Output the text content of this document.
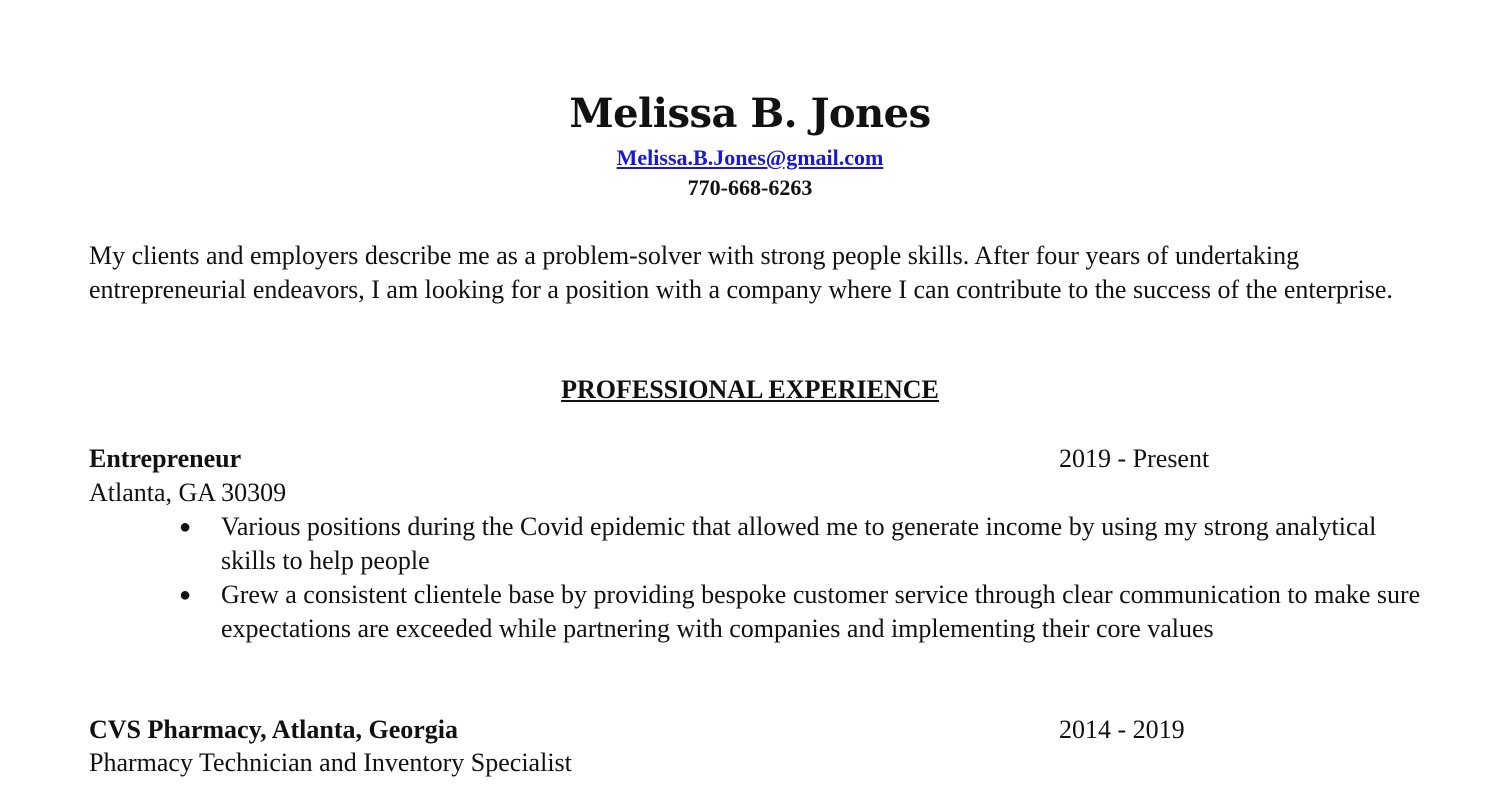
Melissa B. Jones
Melissa.B.Jones@gmail.com
770-668-6263
My clients and employers describe me as a problem-solver with strong people skills. After four years of undertaking entrepreneurial endeavors, I am looking for a position with a company where I can contribute to the success of the enterprise.
PROFESSIONAL EXPERIENCE
Entrepreneur	2019 - Present
Atlanta, GA 30309
● Various positions during the Covid epidemic that allowed me to generate income by using my strong analytical skills to help people
● Grew a consistent clientele base by providing bespoke customer service through clear communication to make sure expectations are exceeded while partnering with companies and implementing their core values
CVS Pharmacy, Atlanta, Georgia	2014 - 2019
Pharmacy Technician and Inventory Specialist
